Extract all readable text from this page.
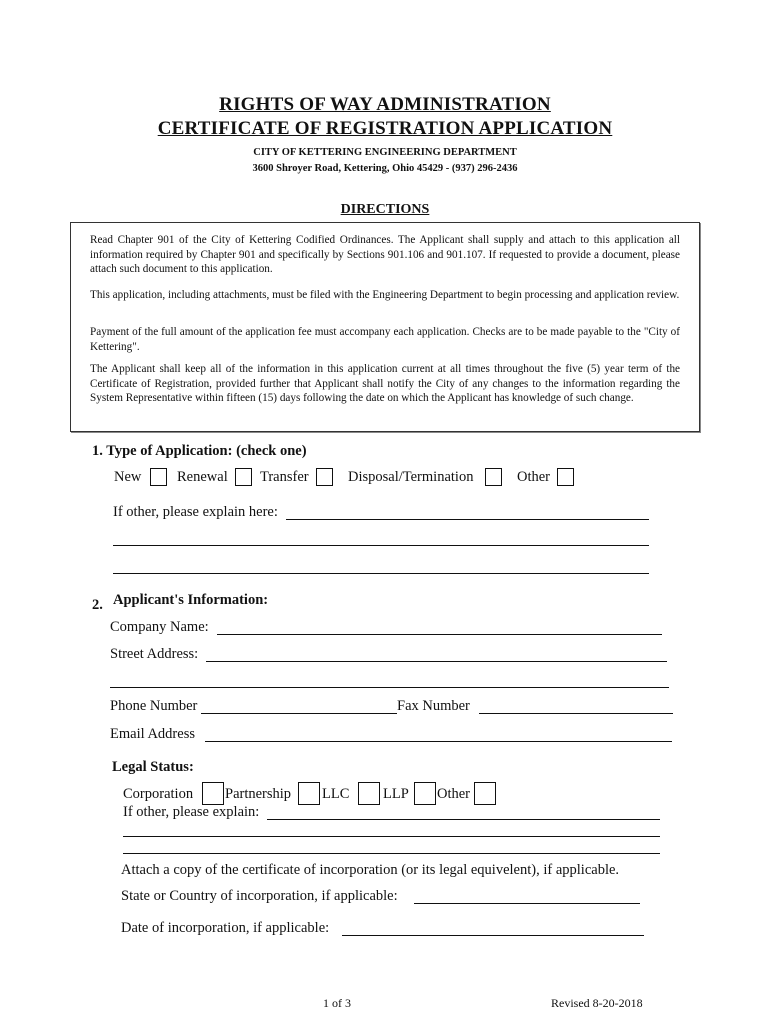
RIGHTS OF WAY ADMINISTRATION
CERTIFICATE OF REGISTRATION APPLICATION
CITY OF KETTERING ENGINEERING DEPARTMENT
3600 Shroyer Road, Kettering, Ohio 45429 - (937) 296-2436
DIRECTIONS
Read Chapter 901 of the City of Kettering Codified Ordinances. The Applicant shall supply and attach to this application all information required by Chapter 901 and specifically by Sections 901.106 and 901.107. If requested to provide a document, please attach such document to this application.
This application, including attachments, must be filed with the Engineering Department to begin processing and application review.
Payment of the full amount of the application fee must accompany each application. Checks are to be made payable to the "City of Kettering".
The Applicant shall keep all of the information in this application current at all times throughout the five (5) year term of the Certificate of Registration, provided further that Applicant shall notify the City of any changes to the information regarding the System Representative within fifteen (15) days following the date on which the Applicant has knowledge of such change.
1. Type of Application: (check one)
New Renewal Transfer	Disposal/Termination	Other
If other, please explain here:
2. Applicant's Information:
Company Name:
Street Address:
Phone Number	Fax Number
Email Address
Legal Status:
Corporation Partnership LLC LLP Other
If other, please explain:
Attach a copy of the certificate of incorporation (or its legal equivelent), if applicable.
State or Country of incorporation, if applicable:
Date of incorporation, if applicable:
1 of 3	Revised 8-20-2018
